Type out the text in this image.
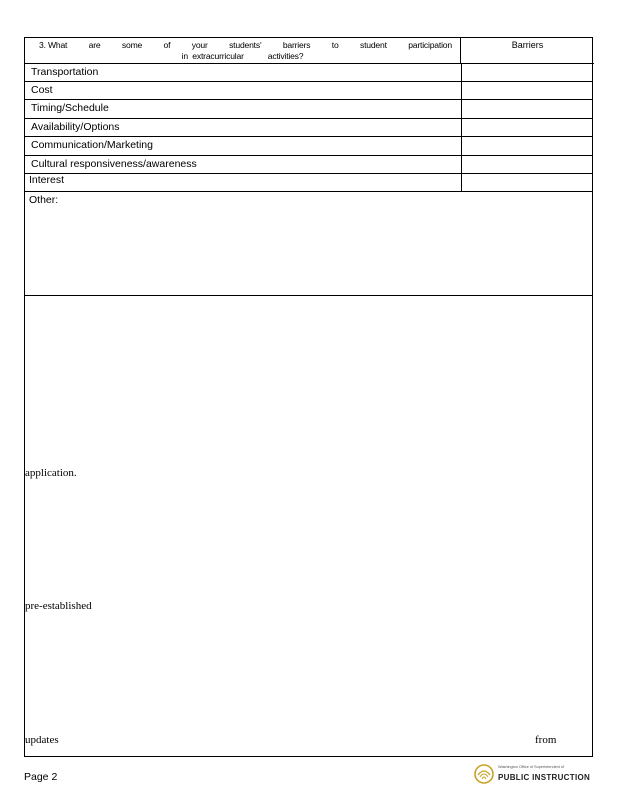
3. What are some of your students' barriers to student participation
in  extracurricular           activities?
Barriers
Transportation
Cost
Timing/Schedule
Availability/Options
Communication/Marketing
Cultural responsiveness/awareness
Interest
Other:
application.
pre-established
updates	from
Page 2
Washington Office of Superintendent of
PUBLIC INSTRUCTION
